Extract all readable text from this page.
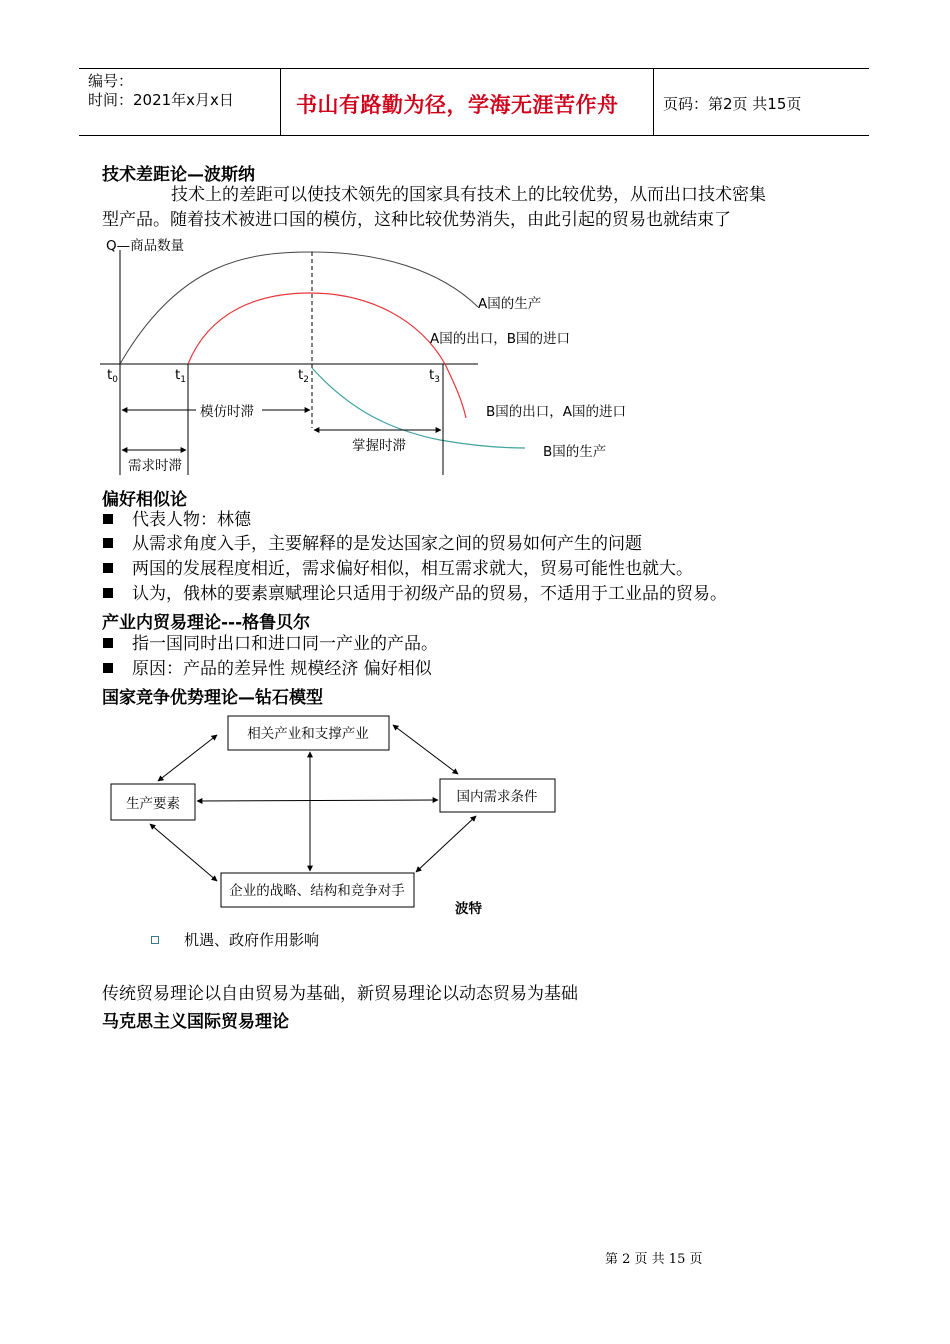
编号：
时间：2021年x月x日	书山有路勤为径，学海无涯苦作舟	页码：第2页 共15页
技术差距论—波斯纳
技术上的差距可以使技术领先的国家具有技术上的比较优势，从而出口技术密集
型产品。随着技术被进口国的模仿，这种比较优势消失，由此引起的贸易也就结束了
Q—商品数量
$t_0$	$t_1$	$t_2$	$t_3$
A国的生产
A国的出口，B国的进口
B国的出口，A国的进口
B国的生产
模仿时滞
掌握时滞
需求时滞
偏好相似论
代表人物：林德
从需求角度入手，主要解释的是发达国家之间的贸易如何产生的问题
两国的发展程度相近，需求偏好相似，相互需求就大，贸易可能性也就大。
认为，俄林的要素禀赋理论只适用于初级产品的贸易，不适用于工业品的贸易。
产业内贸易理论---格鲁贝尔
指一国同时出口和进口同一产业的产品。
原因：产品的差异性 规模经济 偏好相似
国家竞争优势理论—钻石模型
相关产业和支撑产业
生产要素	国内需求条件
企业的战略、结构和竞争对手
波特
机遇、政府作用影响
传统贸易理论以自由贸易为基础，新贸易理论以动态贸易为基础
马克思主义国际贸易理论
第 2 页 共 15 页
